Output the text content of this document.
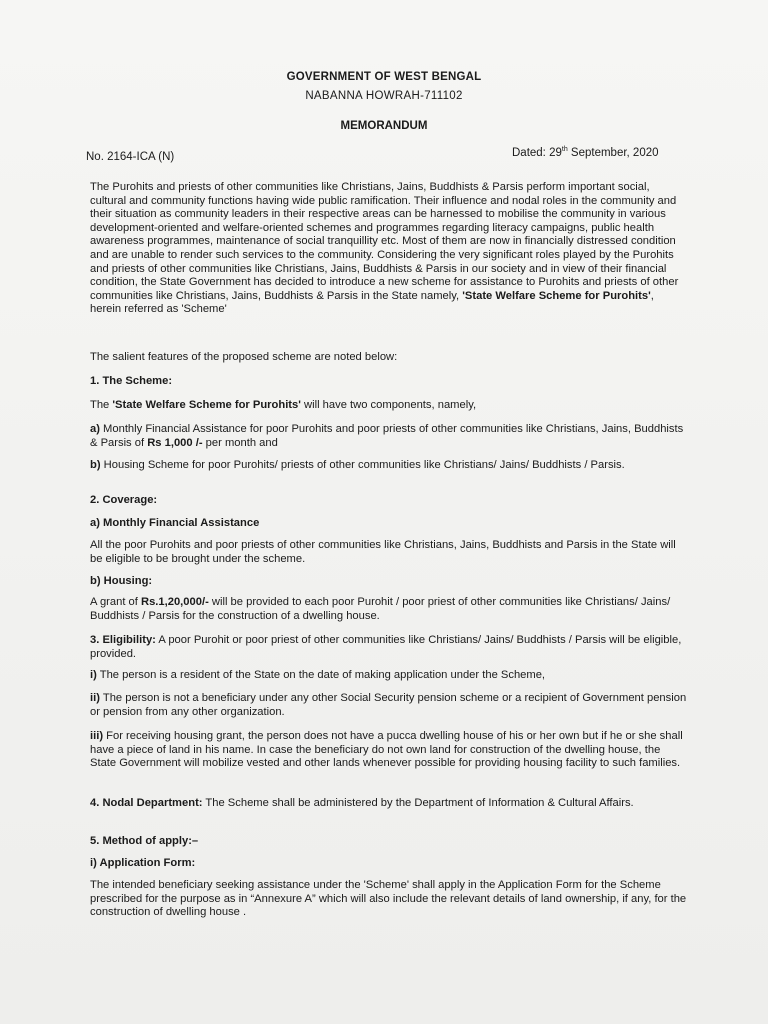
GOVERNMENT OF WEST BENGAL
NABANNA HOWRAH-711102
MEMORANDUM
No. 2164-ICA (N)	Dated: 29th September, 2020

The Purohits and priests of other communities like Christians, Jains, Buddhists & Parsis perform important social, cultural and community functions having wide public ramification. Their influence and nodal roles in the community and their situation as community leaders in their respective areas can be harnessed to mobilise the community in various development-oriented and welfare-oriented schemes and programmes regarding literacy campaigns, public health awareness programmes, maintenance of social tranquillity etc. Most of them are now in financially distressed condition and are unable to render such services to the community. Considering the very significant roles played by the Purohits and priests of other communities like Christians, Jains, Buddhists & Parsis in our society and in view of their financial condition, the State Government has decided to introduce a new scheme for assistance to Purohits and priests of other communities like Christians, Jains, Buddhists & Parsis in the State namely, 'State Welfare Scheme for Purohits', herein referred as 'Scheme'

The salient features of the proposed scheme are noted below:
1. The Scheme:
The 'State Welfare Scheme for Purohits' will have two components, namely,
a) Monthly Financial Assistance for poor Purohits and poor priests of other communities like Christians, Jains, Buddhists & Parsis of Rs 1,000 /- per month and
b) Housing Scheme for poor Purohits/ priests of other communities like Christians/ Jains/ Buddhists / Parsis.
2. Coverage:
a) Monthly Financial Assistance
All the poor Purohits and poor priests of other communities like Christians, Jains, Buddhists and Parsis in the State will be eligible to be brought under the scheme.
b) Housing:
A grant of Rs.1,20,000/- will be provided to each poor Purohit / poor priest of other communities like Christians/ Jains/ Buddhists / Parsis for the construction of a dwelling house.
3. Eligibility: A poor Purohit or poor priest of other communities like Christians/ Jains/ Buddhists / Parsis will be eligible, provided.
i) The person is a resident of the State on the date of making application under the Scheme,
ii) The person is not a beneficiary under any other Social Security pension scheme or a recipient of Government pension or pension from any other organization.
iii) For receiving housing grant, the person does not have a pucca dwelling house of his or her own but if he or she shall have a piece of land in his name. In case the beneficiary do not own land for construction of the dwelling house, the State Government will mobilize vested and other lands whenever possible for providing housing facility to such families.
4. Nodal Department: The Scheme shall be administered by the Department of Information & Cultural Affairs.
5. Method of apply:–
i) Application Form:
The intended beneficiary seeking assistance under the 'Scheme' shall apply in the Application Form for the Scheme prescribed for the purpose as in “Annexure A” which will also include the relevant details of land ownership, if any, for the construction of dwelling house .
